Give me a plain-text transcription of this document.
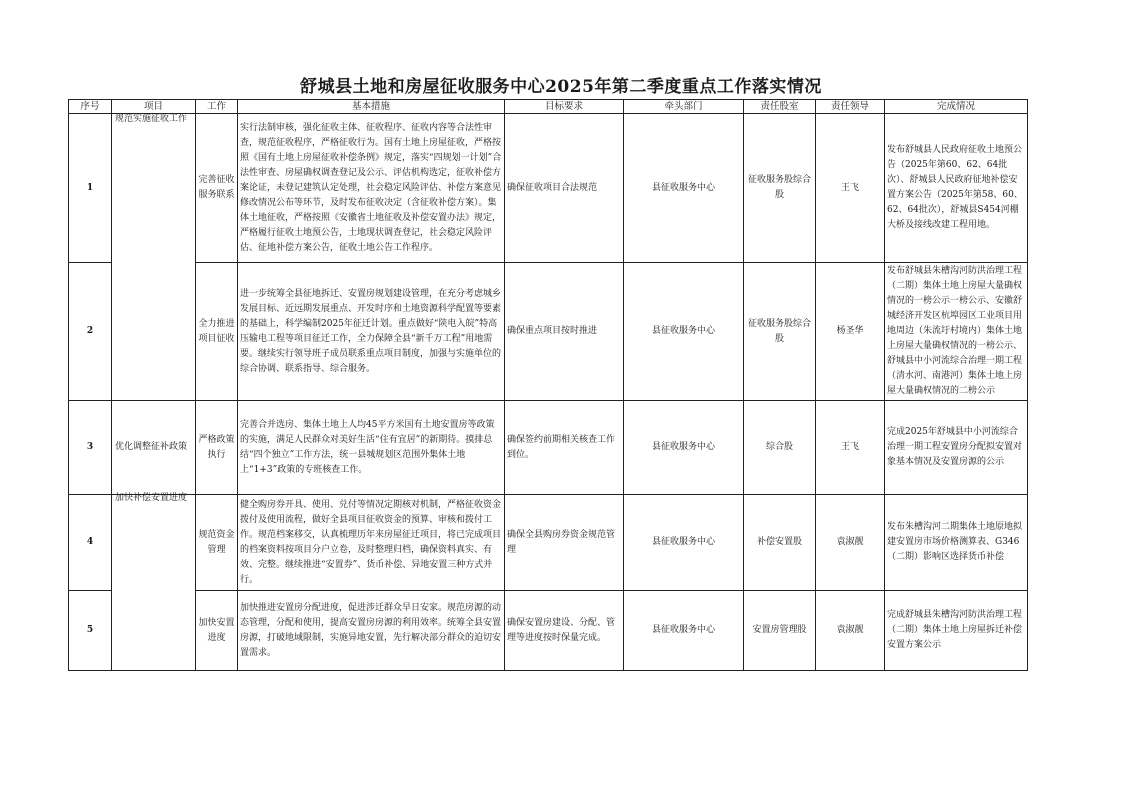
舒城县土地和房屋征收服务中心2025年第二季度重点工作落实情况
序号	项目	工作	基本措施	目标要求	牵头部门	责任股室	责任领导	完成情况
1	规范实施征收工作	完善征收服务联系	实行法制审核，强化征收主体、征收程序、征收内容等合法性审查，规范征收程序，严格征收行为。国有土地上房屋征收，严格按照《国有土地上房屋征收补偿条例》规定，落实“四规划一计划”合法性审查、房屋确权调查登记及公示、评估机构选定，征收补偿方案论证，未登记建筑认定处理，社会稳定风险评估、补偿方案意见修改情况公布等环节，及时发布征收决定（含征收补偿方案）。集体土地征收，严格按照《安徽省土地征收及补偿安置办法》规定，严格履行征收土地预公告，土地现状调查登记，社会稳定风险评估、征地补偿方案公告，征收土地公告工作程序。	确保征收项目合法规范	县征收服务中心	征收服务股综合股	王飞	发布舒城县人民政府征收土地预公告（2025年第60、62、64批次）、舒城县人民政府征地补偿安置方案公告（2025年第58、60、62、64批次），舒城县S454河棚大桥及接线改建工程用地。
2		全力推进项目征收	进一步统筹全县征地拆迁、安置房规划建设管理，在充分考虑城乡发展目标、近远期发展重点、开发时序和土地资源科学配置等要素的基础上，科学编制2025年征迁计划。重点做好“陕电入皖”特高压输电工程等项目征迁工作，全力保障全县“新千万工程”用地需要。继续实行领导班子成员联系重点项目制度，加强与实施单位的综合协调、联系指导、综合服务。	确保重点项目按时推进	县征收服务中心	征收服务股综合股	杨圣华	发布舒城县朱槽沟河防洪治理工程（二期）集体土地上房屋大量确权情况的一榜公示一榜公示、安徽舒城经济开发区杭埠园区工业项目用地周边（朱流圩村境内）集体土地上房屋大量确权情况的一榜公示、舒城县中小河流综合治理一期工程（清水河、南港河）集体土地上房屋大量确权情况的二榜公示
3	优化调整征补政策	严格政策执行	完善合并选房、集体土地上人均45平方米国有土地安置房等政策的实施，满足人民群众对美好生活“住有宜居”的新期待。摸排总结“四个独立”工作方法，统一县城规划区范围外集体土地上“1+3”政策的专班核查工作。	确保签约前期相关核查工作到位。	县征收服务中心	综合股	王飞	完成2025年舒城县中小河流综合治理一期工程安置房分配拟安置对象基本情况及安置房源的公示
4	加快补偿安置进度	规范资金管理	健全购房券开具、使用、兑付等情况定期核对机制，严格征收资金拨付及使用流程，做好全县项目征收资金的预算、审核和拨付工作。规范档案移交，认真梳理历年来房屋征迁项目，将已完成项目的档案资料按项目分户立卷，及时整理归档，确保资料真实、有效、完整。继续推进“安置券”、货币补偿、异地安置三种方式并行。	确保全县购房券资金规范管理	县征收服务中心	补偿安置股	袁淑靓	发布朱槽沟河二期集体土地原地拟建安置房市场价格测算表、G346（二期）影响区选择货币补偿
5		加快安置进度	加快推进安置房分配进度，促进涉迁群众早日安家。规范房源的动态管理，分配和使用，提高安置房房源的利用效率。统筹全县安置房源，打破地域限制，实施异地安置，先行解决部分群众的迫切安置需求。	确保安置房建设、分配、管理等进度按时保量完成。	县征收服务中心	安置房管理股	袁淑靓	完成舒城县朱槽沟河防洪治理工程（二期）集体土地上房屋拆迁补偿安置方案公示
